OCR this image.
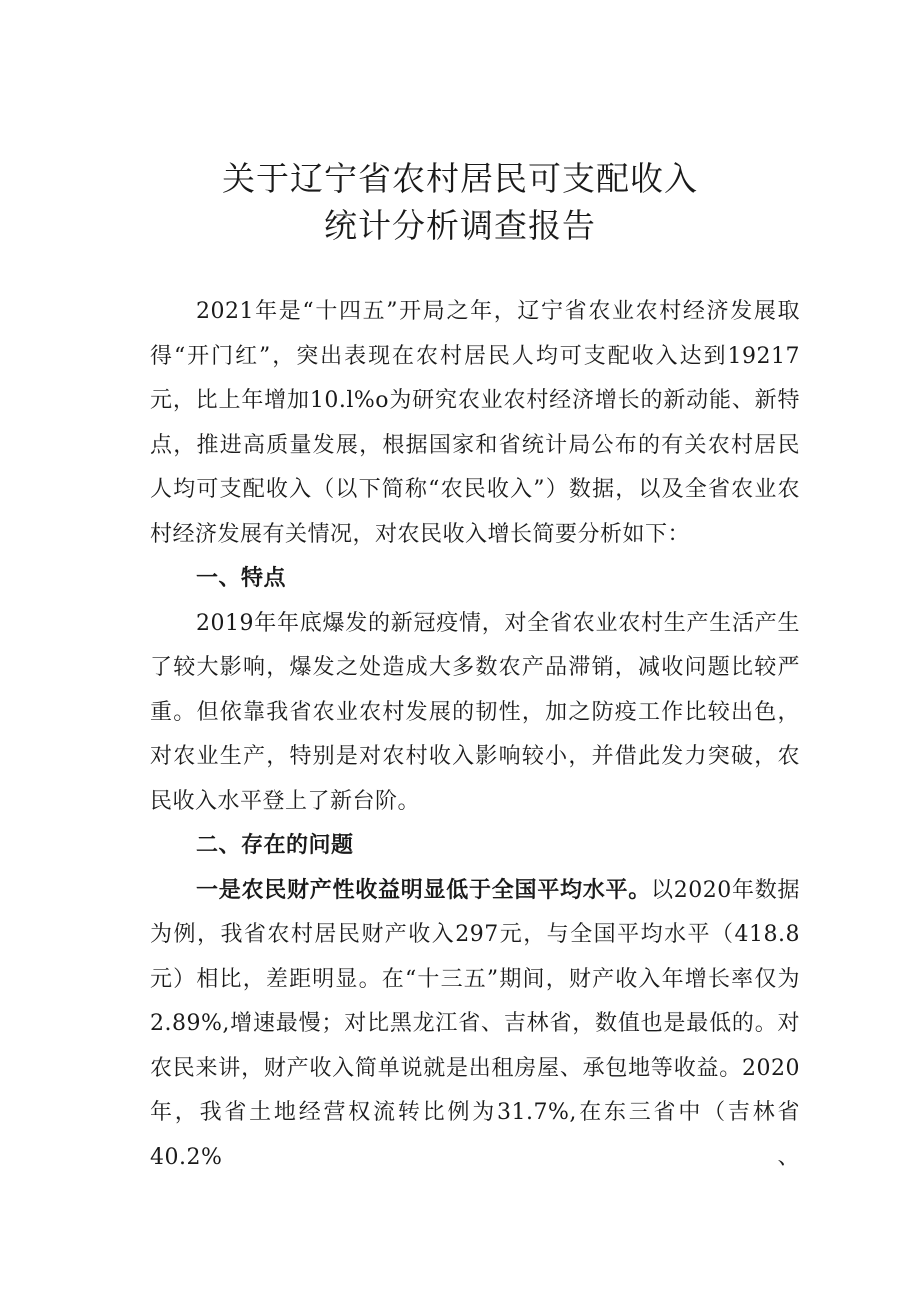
关于辽宁省农村居民可支配收入
统计分析调查报告

2021年是“十四五”开局之年，辽宁省农业农村经济发展取得“开门红”，突出表现在农村居民人均可支配收入达到19217元，比上年增加10.l%o为研究农业农村经济增长的新动能、新特点，推进高质量发展，根据国家和省统计局公布的有关农村居民人均可支配收入（以下简称“农民收入”）数据，以及全省农业农村经济发展有关情况，对农民收入增长简要分析如下：

一、特点

2019年年底爆发的新冠疫情，对全省农业农村生产生活产生了较大影响，爆发之处造成大多数农产品滞销，减收问题比较严重。但依靠我省农业农村发展的韧性，加之防疫工作比较出色，对农业生产，特别是对农村收入影响较小，并借此发力突破，农民收入水平登上了新台阶。

二、存在的问题

一是农民财产性收益明显低于全国平均水平。以2020年数据为例，我省农村居民财产收入297元，与全国平均水平（418.8元）相比，差距明显。在“十三五”期间，财产收入年增长率仅为2.89%,增速最慢；对比黑龙江省、吉林省，数值也是最低的。对农民来讲，财产收入简单说就是出租房屋、承包地等收益。2020年，我省土地经营权流转比例为31.7%,在东三省中（吉林省40.2%、
